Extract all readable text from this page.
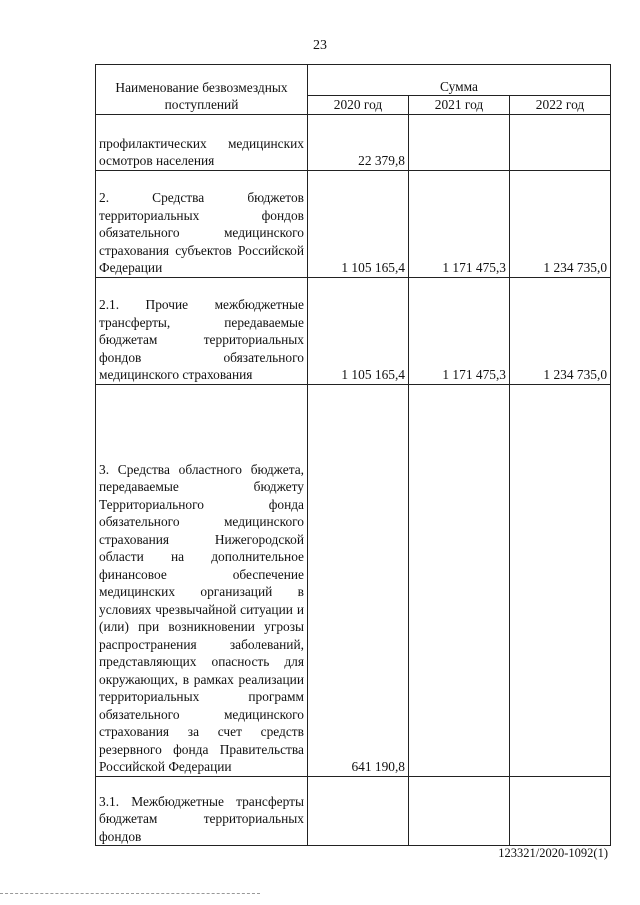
23
Наименование безвозмездных поступлений	Сумма		
	2020 год	2021 год	2022 год
профилактических медицинских осмотров населения	22 379,8		
2. Средства бюджетов территориальных фондов обязательного медицинского страхования субъектов Российской Федерации	1 105 165,4	1 171 475,3	1 234 735,0
2.1. Прочие межбюджетные трансферты, передаваемые бюджетам территориальных фондов обязательного медицинского страхования	1 105 165,4	1 171 475,3	1 234 735,0
3. Средства областного бюджета, передаваемые бюджету Территориального фонда обязательного медицинского страхования Нижегородской области на дополнительное финансовое обеспечение медицинских организаций в условиях чрезвычайной ситуации и (или) при возникновении угрозы распространения заболеваний, представляющих опасность для окружающих, в рамках реализации территориальных программ обязательного медицинского страхования за счет средств резервного фонда Правительства Российской Федерации	641 190,8		
3.1. Межбюджетные трансферты бюджетам территориальных фондов			
123321/2020-1092(1)
